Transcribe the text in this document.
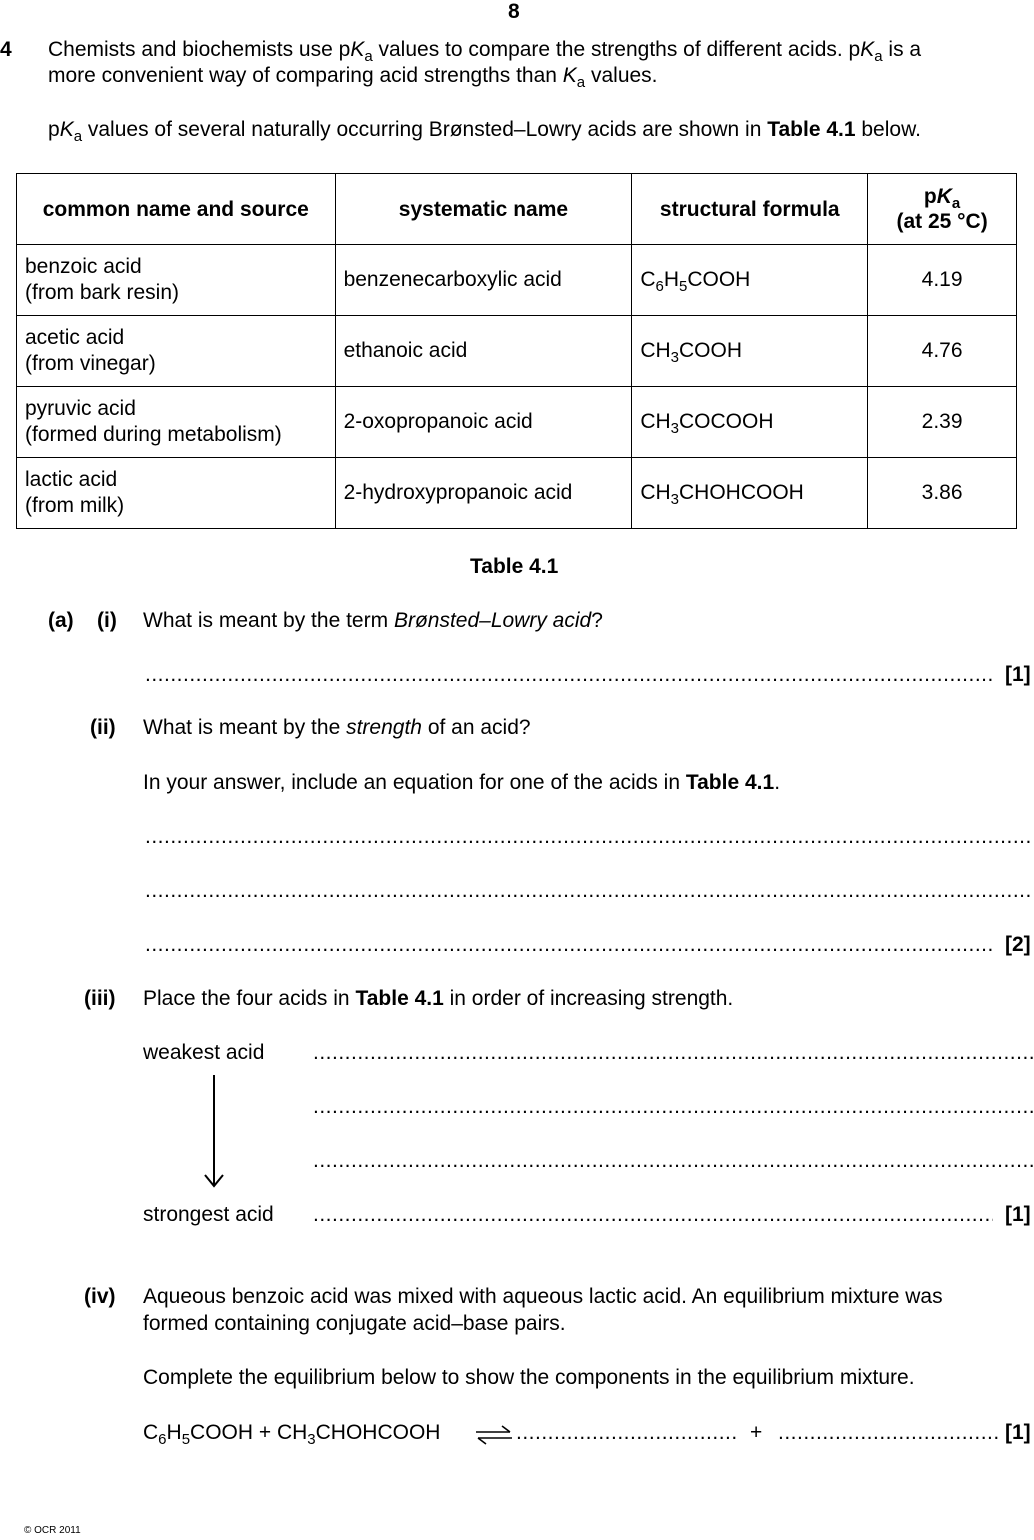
8
4 Chemists and biochemists use $pK_a$ values to compare the strengths of different acids. $pK_a$ is a
more convenient way of comparing acid strengths than $K_a$ values.
$pK_a$ values of several naturally occurring Brønsted–Lowry acids are shown in Table 4.1 below.
common name and source	systematic name	structural formula	$pK_a$
(at 25 °C)
benzoic acid
(from bark resin)	benzenecarboxylic acid	$C_6H_5COOH$	4.19
acetic acid
(from vinegar)	ethanoic acid	$CH_3COOH$	4.76
pyruvic acid
(formed during metabolism)	2-oxopropanoic acid	$CH_3COCOOH$	2.39
lactic acid
(from milk)	2-hydroxypropanoic acid	$CH_3CHOHCOOH$	3.86
Table 4.1
(a) (i) What is meant by the term Brønsted–Lowry acid?
.....
[1]
(ii) What is meant by the strength of an acid?
In your answer, include an equation for one of the acids in Table 4.1.
.....
.....
.....
[2]
(iii) Place the four acids in Table 4.1 in order of increasing strength.
weakest acid
.....
.....
.....
strongest acid .....	[1]
(iv) Aqueous benzoic acid was mixed with aqueous lactic acid. An equilibrium mixture was
formed containing conjugate acid–base pairs.
Complete the equilibrium below to show the components in the equilibrium mixture.
$C_6H_5COOH$ + $CH_3CHOHCOOH$ .....	+ .....	[1]
© OCR 2011
